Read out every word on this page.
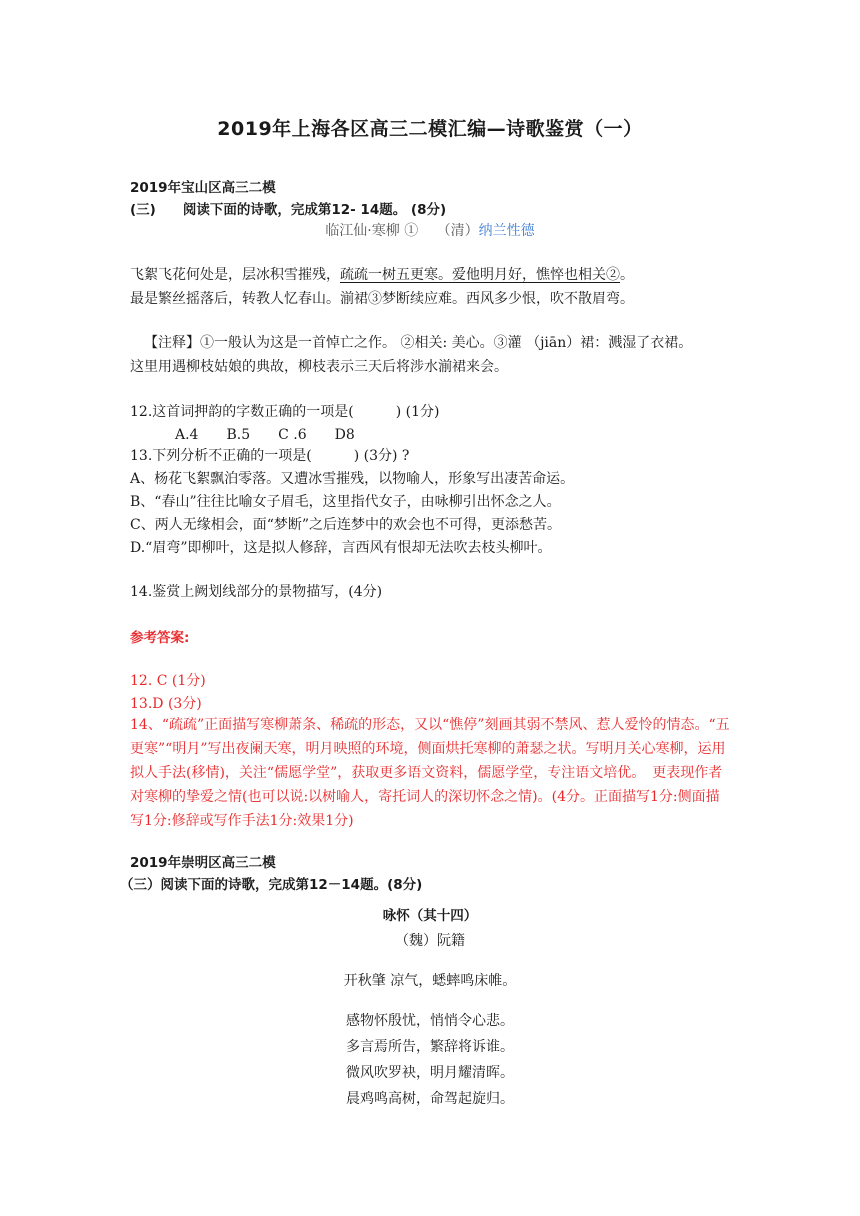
2019年上海各区高三二模汇编—诗歌鉴赏（一）
2019年宝山区高三二模
(三)　　阅读下面的诗歌，完成第12- 14题。 (8分)
临江仙·寒柳 ① （清）纳兰性德
飞絮飞花何处是，层冰积雪摧残，疏疏一树五更寒。爱他明月好，憔悴也相关②。
最是繁丝摇落后，转教人忆春山。湔裙③梦断续应难。西风多少恨，吹不散眉弯。
【注释】①一般认为这是一首悼亡之作。 ②相关: 美心。③灌 （jiān）裙：溅湿了衣裙。
这里用遇柳枝姑娘的典故，柳枝表示三天后将涉水湔裙来会。
12.这首词押韵的字数正确的一项是(　　　) (1分)
A.4　　B.5　　C .6　　D8
13.下列分析不正确的一项是(　　　) (3分) ?
A、杨花飞絮飘泊零落。又遭冰雪摧残，以物喻人，形象写出凄苦命运。
B、“春山”往往比喻女子眉毛，这里指代女子，由咏柳引出怀念之人。
C、两人无缘相会，面“梦断”之后连梦中的欢会也不可得，更添愁苦。
D.“眉弯”即柳叶，这是拟人修辞，言西风有恨却无法吹去枝头柳叶。
14.鉴赏上阙划线部分的景物描写，(4分)
参考答案:
12. C (1分)
13.D (3分)
14、“疏疏”正面描写寒柳萧条、稀疏的形态，又以“憔停”刻画其弱不禁风、惹人爱怜的情态。“五更寒”“明月”写出夜阑天寒，明月映照的环境，侧面烘托寒柳的萧瑟之状。写明月关心寒柳，运用拟人手法(移情)，关注“儒愿学堂”，获取更多语文资料，儒愿学堂，专注语文培优。　更表现作者对寒柳的挚爱之情(也可以说:以树喻人，寄托词人的深切怀念之情)。(4分。正面描写1分:侧面描写1分:修辞或写作手法1分:效果1分)
2019年崇明区高三二模
（三）阅读下面的诗歌，完成第12－14题。(8分)
咏怀（其十四）
（魏）阮籍
开秋肇 凉气，蟋蟀鸣床帷。
感物怀殷忧，悄悄令心悲。
多言焉所告，繁辞将诉谁。
微风吹罗袂，明月耀清晖。
晨鸡鸣高树，命驾起旋归。
